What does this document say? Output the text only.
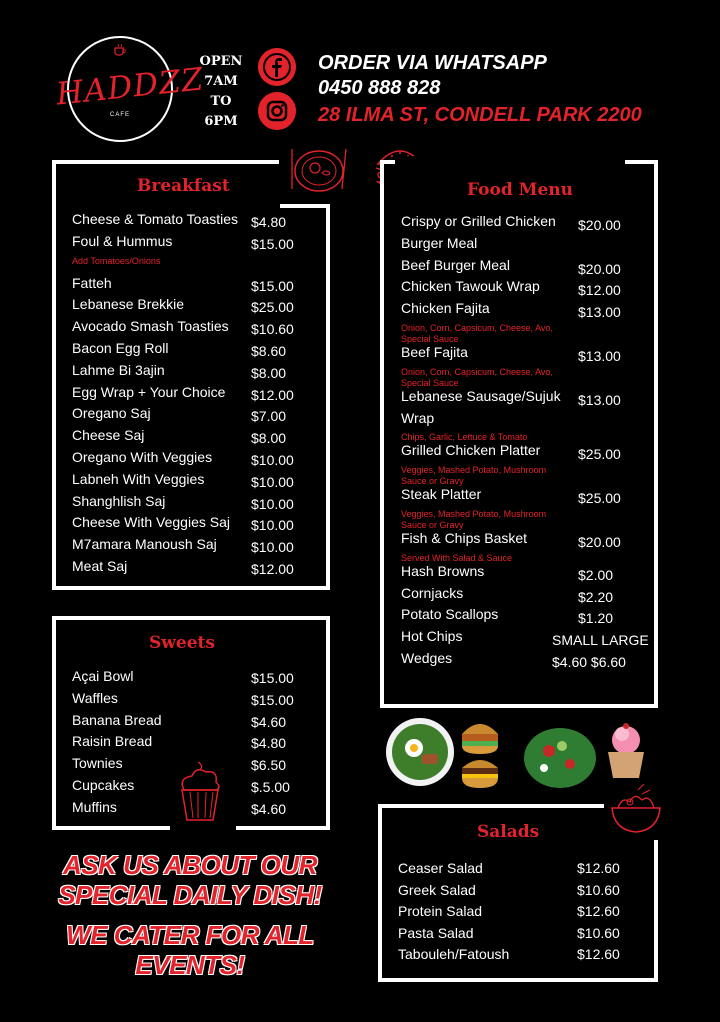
HADDZZ
CAFE
OPEN
7AM
TO
6PM
ORDER VIA WHATSAPP
0450 888 828
28 ILMA ST, CONDELL PARK 2200
Breakfast
Cheese & Tomato Toasties $4.80
Foul & Hummus	$15.00
Add Tomatoes/Onions
Fatteh	$15.00
Lebanese Brekkie	$25.00
Avocado Smash Toasties $10.60
Bacon Egg Roll	$8.60
Lahme Bi 3ajin	$8.00
Egg Wrap + Your Choice $12.00
Oregano Saj	$7.00
Cheese Saj	$8.00
Oregano With Veggies	$10.00
Labneh With Veggies	$10.00
Shanghlish Saj	$10.00
Cheese With Veggies Saj $10.00
M7amara Manoush Saj $10.00
Meat Saj	$12.00
Sweets
Açai Bowl	$15.00
Waffles	$15.00
Banana Bread	$4.60
Raisin Bread	$4.80
Townies	$6.50
Cupcakes	$.5.00
Muffins	$4.60
Food Menu
Crispy or Grilled Chicken $20.00
Burger Meal
Beef Burger Meal	$20.00
Chicken Tawouk Wrap	$12.00
Chicken Fajita	$13.00
Onion, Corn, Capsicum, Cheese, Avo,
Special Sauce
Beef Fajita	$13.00
Onion, Corn, Capsicum, Cheese, Avo,
Special Sauce
Lebanese Sausage/Sujuk $13.00
Wrap
Chips, Garlic, Lettuce & Tomato
Grilled Chicken Platter	$25.00
Veggies, Mashed Potato, Mushroom
Sauce or Gravy
Steak Platter	$25.00
Veggies, Mashed Potato, Mushroom
Sauce or Gravy
Fish & Chips Basket	$20.00
Served With Salad & Sauce
Hash Browns	$2.00
Cornjacks	$2.20
Potato Scallops	$1.20
Hot Chips	SMALL LARGE
Wedges	$4.60 $6.60
Salads
Ceaser Salad	$12.60
Greek Salad	$10.60
Protein Salad	$12.60
Pasta Salad	$10.60
Tabouleh/Fatoush	$12.60
ASK US ABOUT OUR
SPECIAL DAILY DISH!
WE CATER FOR ALL
EVENTS!
